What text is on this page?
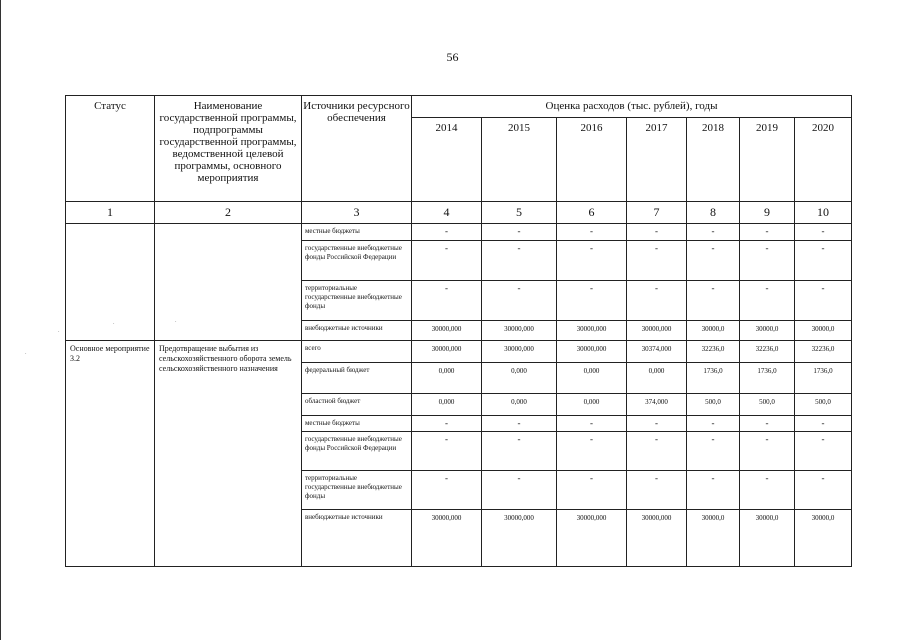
56
Статус	Наименование государственной программы, подпрограммы государственной программы, ведомственной целевой программы, основного мероприятия	Источники ресурсного обеспечения	Оценка расходов (тыс. рублей), годы						
			2014	2015	2016	2017	2018	2019	2020
1	2	3	4	5	6	7	8	9	10
		местные бюджеты	-	-	-	-	-	-	-
		государственные внебюджетные фонды Российской Федерации	-	-	-	-	-	-	-
		территориальные государственные внебюджетные фонды	-	-	-	-	-	-	-
		внебюджетные источники	30000,000	30000,000	30000,000	30000,000	30000,0	30000,0	30000,0
Основное мероприятие 3.2	Предотвращение выбытия из сельскохозяйственного оборота земель сельскохозяйственного назначения	всего	30000,000	30000,000	30000,000	30374,000	32236,0	32236,0	32236,0
		федеральный бюджет	0,000	0,000	0,000	0,000	1736,0	1736,0	1736,0
		областной бюджет	0,000	0,000	0,000	374,000	500,0	500,0	500,0
		местные бюджеты	-	-	-	-	-	-	-
		государственные внебюджетные фонды Российской Федерации	-	-	-	-	-	-	-
		территориальные государственные внебюджетные фонды	-	-	-	-	-	-	-
		внебюджетные источники	30000,000	30000,000	30000,000	30000,000	30000,0	30000,0	30000,0
.	.
.
.
